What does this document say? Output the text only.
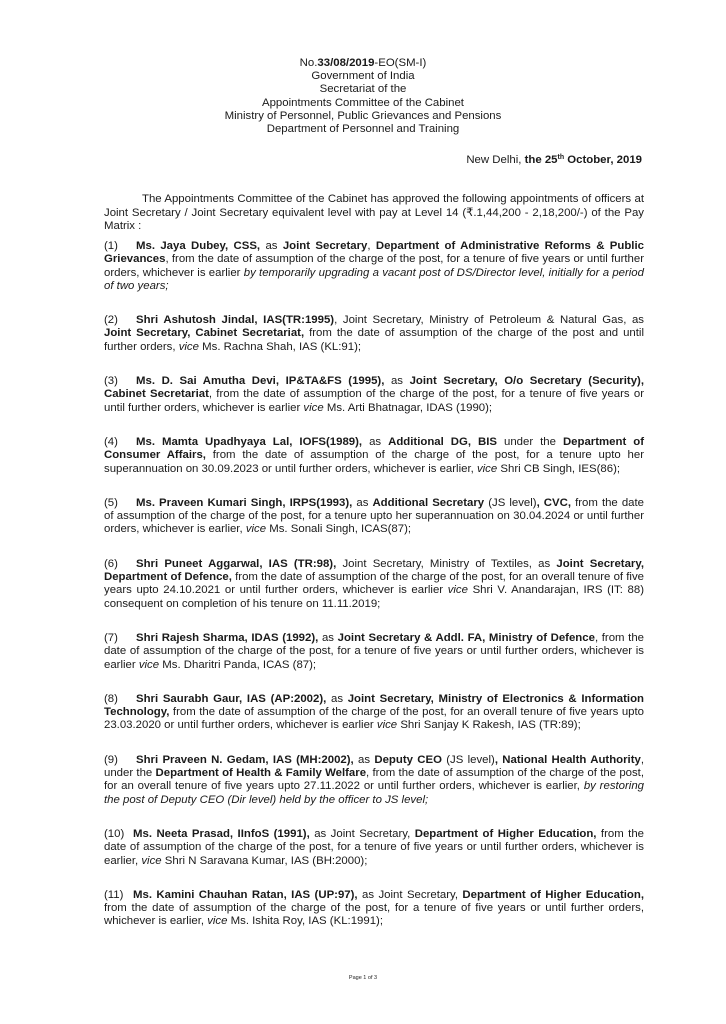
No.33/08/2019-EO(SM-I)
Government of India
Secretariat of the
Appointments Committee of the Cabinet
Ministry of Personnel, Public Grievances and Pensions
Department of Personnel and Training
New Delhi, the 25th October, 2019

The Appointments Committee of the Cabinet has approved the following appointments of officers at Joint Secretary / Joint Secretary equivalent level with pay at Level 14 (₹.1,44,200 - 2,18,200/-) of the Pay Matrix :

(1) Ms. Jaya Dubey, CSS, as Joint Secretary, Department of Administrative Reforms & Public Grievances, from the date of assumption of the charge of the post, for a tenure of five years or until further orders, whichever is earlier by temporarily upgrading a vacant post of DS/Director level, initially for a period of two years;

(2) Shri Ashutosh Jindal, IAS(TR:1995), Joint Secretary, Ministry of Petroleum & Natural Gas, as Joint Secretary, Cabinet Secretariat, from the date of assumption of the charge of the post and until further orders, vice Ms. Rachna Shah, IAS (KL:91);

(3) Ms. D. Sai Amutha Devi, IP&TA&FS (1995), as Joint Secretary, O/o Secretary (Security), Cabinet Secretariat, from the date of assumption of the charge of the post, for a tenure of five years or until further orders, whichever is earlier vice Ms. Arti Bhatnagar, IDAS (1990);

(4) Ms. Mamta Upadhyaya Lal, IOFS(1989), as Additional DG, BIS under the Department of Consumer Affairs, from the date of assumption of the charge of the post, for a tenure upto her superannuation on 30.09.2023 or until further orders, whichever is earlier, vice Shri CB Singh, IES(86);

(5) Ms. Praveen Kumari Singh, IRPS(1993), as Additional Secretary (JS level), CVC, from the date of assumption of the charge of the post, for a tenure upto her superannuation on 30.04.2024 or until further orders, whichever is earlier, vice Ms. Sonali Singh, ICAS(87);

(6) Shri Puneet Aggarwal, IAS (TR:98), Joint Secretary, Ministry of Textiles, as Joint Secretary, Department of Defence, from the date of assumption of the charge of the post, for an overall tenure of five years upto 24.10.2021 or until further orders, whichever is earlier vice Shri V. Anandarajan, IRS (IT: 88) consequent on completion of his tenure on 11.11.2019;

(7) Shri Rajesh Sharma, IDAS (1992), as Joint Secretary & Addl. FA, Ministry of Defence, from the date of assumption of the charge of the post, for a tenure of five years or until further orders, whichever is earlier vice Ms. Dharitri Panda, ICAS (87);

(8) Shri Saurabh Gaur, IAS (AP:2002), as Joint Secretary, Ministry of Electronics & Information Technology, from the date of assumption of the charge of the post, for an overall tenure of five years upto 23.03.2020 or until further orders, whichever is earlier vice Shri Sanjay K Rakesh, IAS (TR:89);

(9) Shri Praveen N. Gedam, IAS (MH:2002), as Deputy CEO (JS level), National Health Authority, under the Department of Health & Family Welfare, from the date of assumption of the charge of the post, for an overall tenure of five years upto 27.11.2022 or until further orders, whichever is earlier, by restoring the post of Deputy CEO (Dir level) held by the officer to JS level;

(10) Ms. Neeta Prasad, IInfoS (1991), as Joint Secretary, Department of Higher Education, from the date of assumption of the charge of the post, for a tenure of five years or until further orders, whichever is earlier, vice Shri N Saravana Kumar, IAS (BH:2000);

(11) Ms. Kamini Chauhan Ratan, IAS (UP:97), as Joint Secretary, Department of Higher Education, from the date of assumption of the charge of the post, for a tenure of five years or until further orders, whichever is earlier, vice Ms. Ishita Roy, IAS (KL:1991);

Page 1 of 3
